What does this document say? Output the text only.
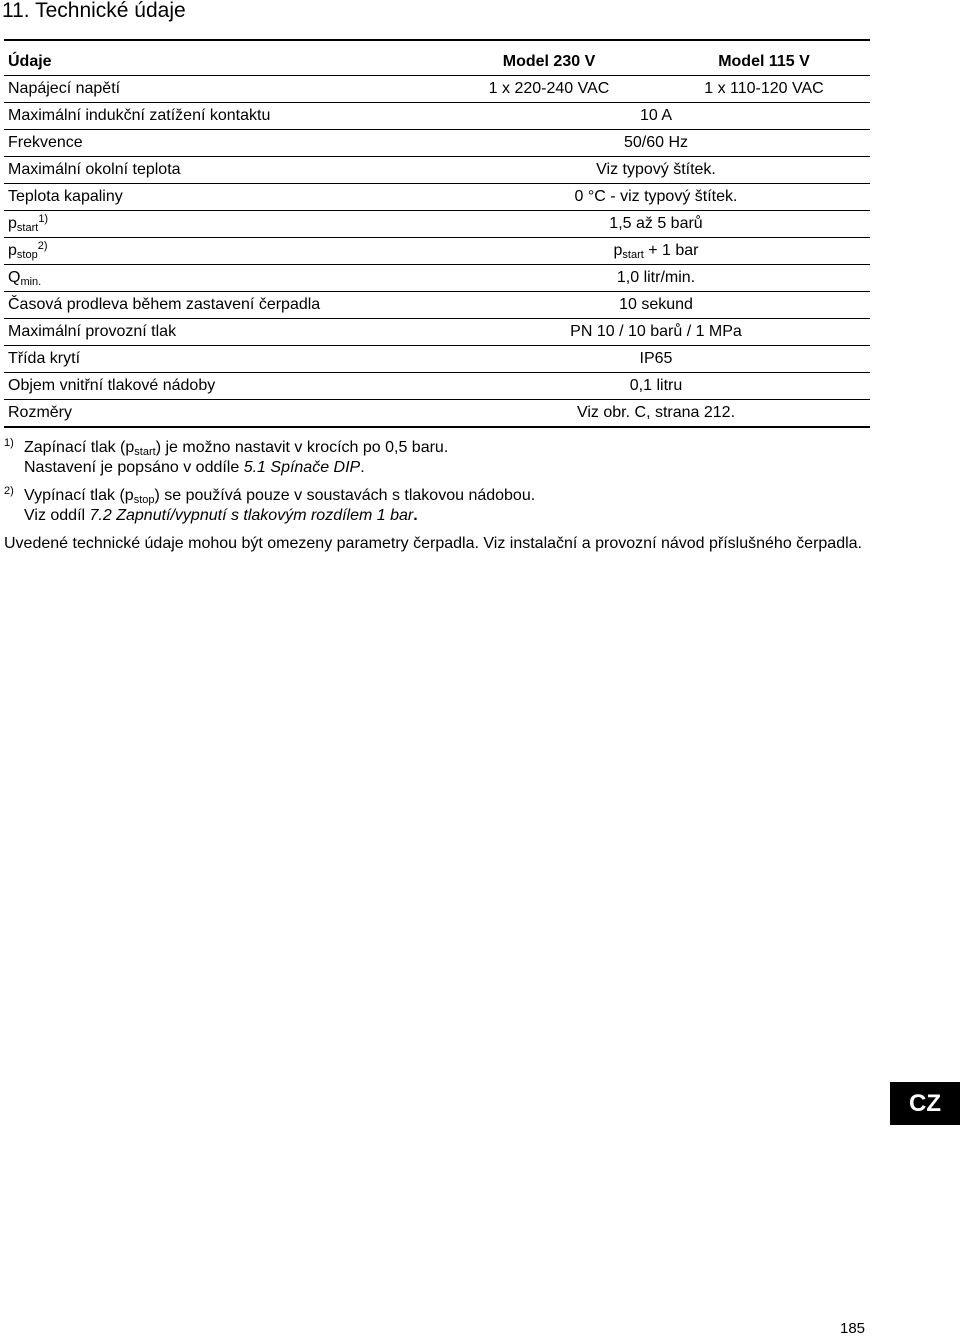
11. Technické údaje
Údaje	Model 230 V	Model 115 V
Napájecí napětí	1 x 220-240 VAC	1 x 110-120 VAC
Maximální indukční zatížení kontaktu	10 A
Frekvence	50/60 Hz
Maximální okolní teplota	Viz typový štítek.
Teplota kapaliny	0 °C - viz typový štítek.
$p_{start}^{1)}$	1,5 až 5 barů
$p_{stop}^{2)}$	$p_{start} + 1$ bar
$Q_{min.}$	1,0 litr/min.
Časová prodleva během zastavení čerpadla	10 sekund
Maximální provozní tlak	PN 10 / 10 barů / 1 MPa
Třída krytí	IP65
Objem vnitřní tlakové nádoby	0,1 litru
Rozměry	Viz obr. C, strana 212.
1) Zapínací tlak $(p_{start})$ je možno nastavit v krocích po 0,5 baru.
Nastavení je popsáno v oddíle 5.1 Spínače DIP.
2) Vypínací tlak $(p_{stop})$ se používá pouze v soustavách s tlakovou nádobou.
Viz oddíl 7.2 Zapnutí/vypnutí s tlakovým rozdílem 1 bar.
Uvedené technické údaje mohou být omezeny parametry čerpadla. Viz instalační a provozní návod příslušného čerpadla.
CZ
185
